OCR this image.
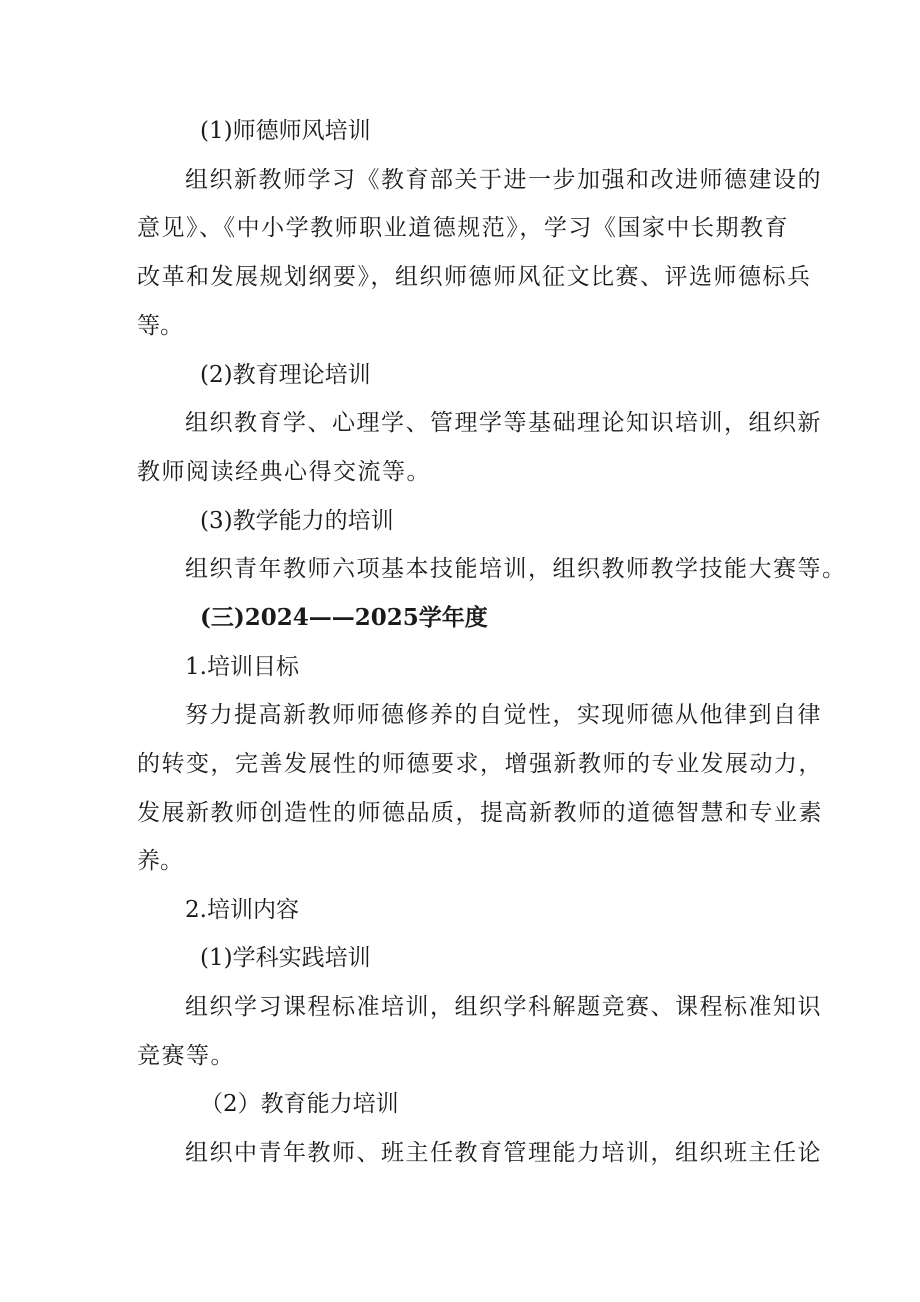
(1)师德师风培训

组织新教师学习《教育部关于进一步加强和改进师德建设的

意见》、《中小学教师职业道德规范》，学习《国家中长期教育

改革和发展规划纲要》，组织师德师风征文比赛、评选师德标兵

等。

(2)教育理论培训

组织教育学、心理学、管理学等基础理论知识培训，组织新

教师阅读经典心得交流等。

(3)教学能力的培训

组织青年教师六项基本技能培训，组织教师教学技能大赛等。

(三)2024——2025学年度

1.培训目标

努力提高新教师师德修养的自觉性，实现师德从他律到自律

的转变，完善发展性的师德要求，增强新教师的专业发展动力，

发展新教师创造性的师德品质，提高新教师的道德智慧和专业素

养。

2.培训内容

(1)学科实践培训

组织学习课程标准培训，组织学科解题竞赛、课程标准知识

竞赛等。

（2）教育能力培训

组织中青年教师、班主任教育管理能力培训，组织班主任论
